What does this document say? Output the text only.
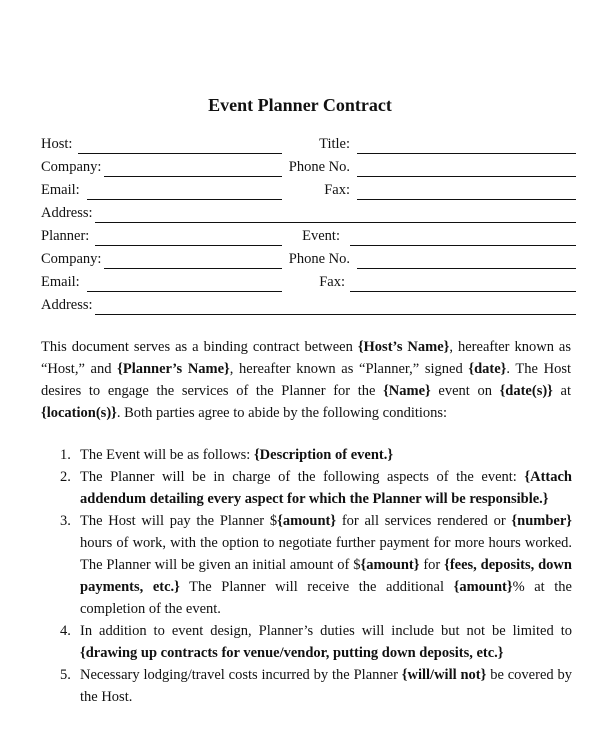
Event Planner Contract
Host:	Title:
Company:	Phone No.
Email:	Fax:
Address:
Planner:	Event:
Company:	Phone No.
Email:	Fax:
Address:
This document serves as a binding contract between {Host’s Name}, hereafter known as “Host,” and {Planner’s Name}, hereafter known as “Planner,” signed {date}. The Host desires to engage the services of the Planner for the {Name} event on {date(s)} at {location(s)}. Both parties agree to abide by the following conditions:
1. The Event will be as follows: {Description of event.}
2. The Planner will be in charge of the following aspects of the event: {Attach addendum detailing every aspect for which the Planner will be responsible.}
3. The Host will pay the Planner ${amount} for all services rendered or {number} hours of work, with the option to negotiate further payment for more hours worked. The Planner will be given an initial amount of ${amount} for {fees, deposits, down payments, etc.} The Planner will receive the additional {amount}% at the completion of the event.
4. In addition to event design, Planner’s duties will include but not be limited to {drawing up contracts for venue/vendor, putting down deposits, etc.}
5. Necessary lodging/travel costs incurred by the Planner {will/will not} be covered by the Host.
